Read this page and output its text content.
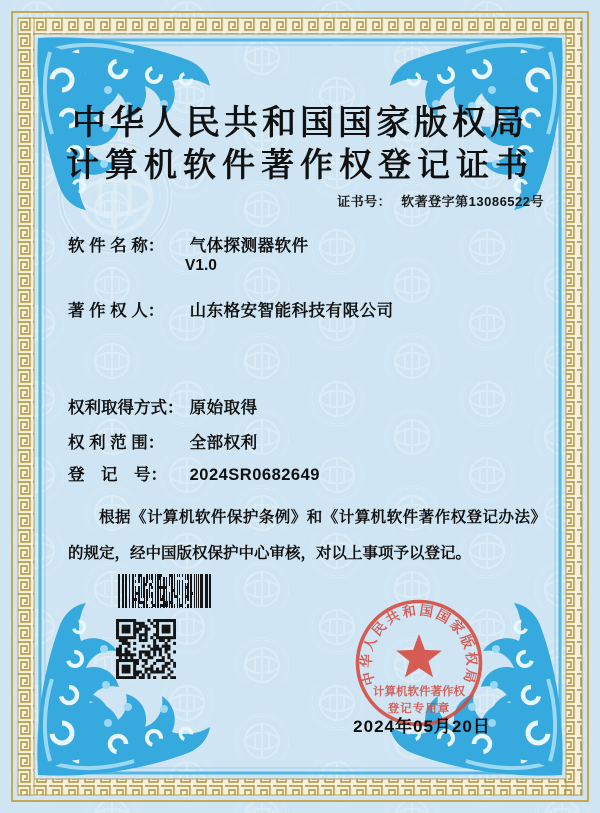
中华人民共和国国家版权局
计算机软件著作权登记证书
证书号： 软著登字第13086522号
软 件 名 称： 气体探测器软件
V1.0
著 作 权 人： 山东格安智能科技有限公司
权利取得方式： 原始取得
权 利 范 围： 全部权利
登　记　号： 2024SR0682649
根据《计算机软件保护条例》和《计算机软件著作权登记办法》的规定，经中国版权保护中心审核，对以上事项予以登记。
中华人民共和国国家版权局
计算机软件著作权
登记专用章
2024年05月20日
